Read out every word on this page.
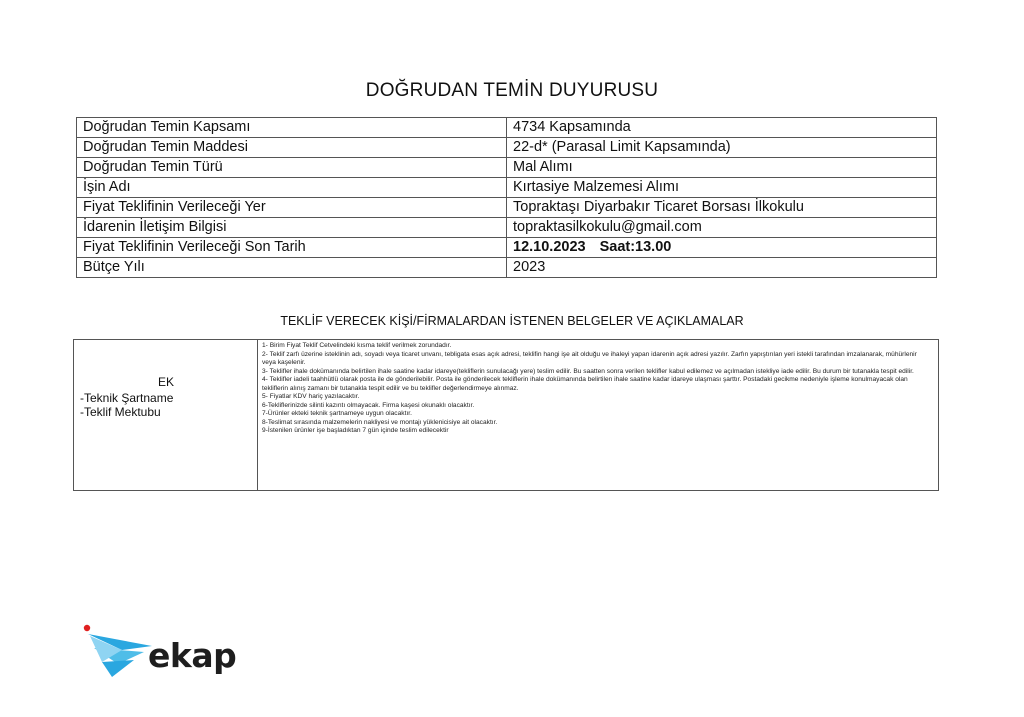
DOĞRUDAN TEMİN DUYURUSU
Doğrudan Temin Kapsamı	4734 Kapsamında
Doğrudan Temin Maddesi	22-d* (Parasal Limit Kapsamında)
Doğrudan Temin Türü	Mal Alımı
İşin Adı	Kırtasiye Malzemesi Alımı
Fiyat Teklifinin Verileceği Yer	Topraktaşı Diyarbakır Ticaret Borsası İlkokulu
İdarenin İletişim Bilgisi	topraktasilkokulu@gmail.com
Fiyat Teklifinin Verileceği Son Tarih	12.10.2023 Saat:13.00
Bütçe Yılı	2023
TEKLİF VERECEK KİŞİ/FİRMALARDAN İSTENEN BELGELER VE AÇIKLAMALAR
EK
-Teknik Şartname
-Teklif Mektubu
1- Birim Fiyat Teklif Cetvelindeki kısma teklif verilmek zorundadır.
2- Teklif zarfı üzerine isteklinin adı, soyadı veya ticaret unvanı, tebligata esas açık adresi, teklifin hangi işe ait olduğu ve ihaleyi yapan idarenin açık adresi yazılır. Zarfın yapıştırılan yeri istekli tarafından imzalanarak, mühürlenir veya kaşelenir.
3- Teklifler ihale dokümanında belirtilen ihale saatine kadar idareye(tekliflerin sunulacağı yere) teslim edilir. Bu saatten sonra verilen teklifler kabul edilemez ve açılmadan istekliye iade edilir. Bu durum bir tutanakla tespit edilir.
4- Teklifler iadeli taahhütlü olarak posta ile de gönderilebilir. Posta ile gönderilecek tekliflerin ihale dokümanında belirtilen ihale saatine kadar idareye ulaşması şarttır. Postadaki gecikme nedeniyle işleme konulmayacak olan tekliflerin alınış zamanı bir tutanakla tespit edilir ve bu teklifler değerlendirmeye alınmaz.
5- Fiyatlar KDV hariç yazılacaktır.
6-Tekliflerinizde silinti kazıntı olmayacak. Firma kaşesi okunaklı olacaktır.
7-Ürünler ekteki teknik şartnameye uygun olacaktır.
8-Teslimat sırasında malzemelerin nakliyesi ve montajı yüklenicisiye ait olacaktır.
9-İstenilen ürünler işe başladıktan 7 gün içinde teslim edilecektir
ekap
